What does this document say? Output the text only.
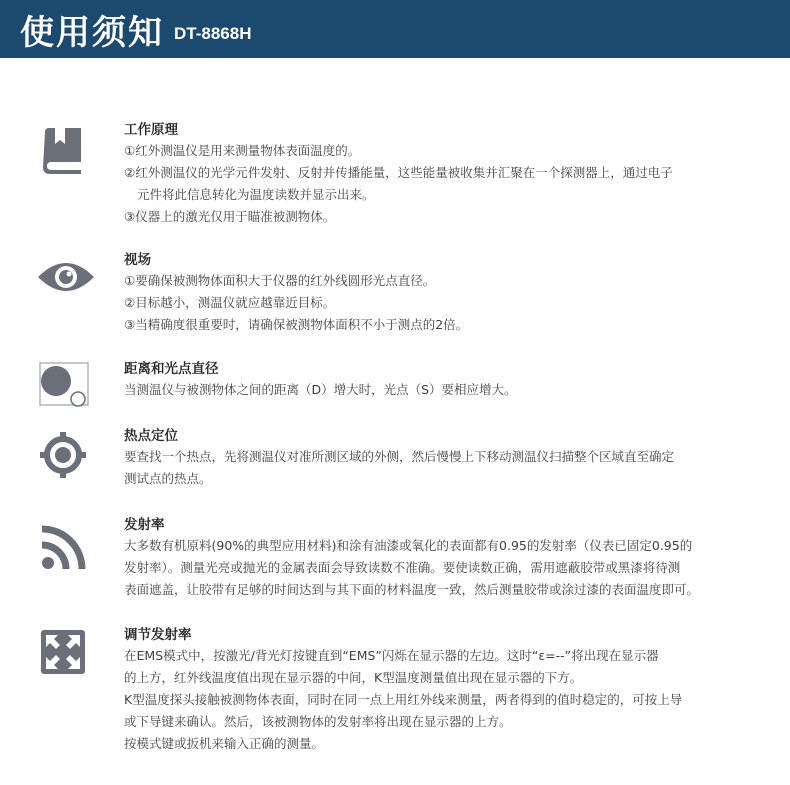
使用须知 DT-8868H
工作原理
①红外测温仪是用来测量物体表面温度的。
②红外测温仪的光学元件发射、反射并传播能量，这些能量被收集并汇聚在一个探测器上，通过电子
元件将此信息转化为温度读数并显示出来。
③仪器上的激光仅用于瞄准被测物体。
视场
①要确保被测物体面积大于仪器的红外线圆形光点直径。
②目标越小，测温仪就应越靠近目标。
③当精确度很重要时，请确保被测物体面积不小于测点的2倍。
距离和光点直径
当测温仪与被测物体之间的距离（D）增大时，光点（S）要相应增大。
热点定位
要查找一个热点，先将测温仪对准所测区域的外侧，然后慢慢上下移动测温仪扫描整个区域直至确定
测试点的热点。
发射率
大多数有机原料(90%的典型应用材料)和涂有油漆或氧化的表面都有0.95的发射率（仪表已固定0.95的
发射率）。测量光亮或抛光的金属表面会导致读数不准确。要使读数正确，需用遮蔽胶带或黑漆将待测
表面遮盖，让胶带有足够的时间达到与其下面的材料温度一致，然后测量胶带或涂过漆的表面温度即可。
调节发射率
在EMS模式中，按激光/背光灯按键直到“EMS”闪烁在显示器的左边。这时“ε=--”将出现在显示器
的上方，红外线温度值出现在显示器的中间，K型温度测量值出现在显示器的下方。
K型温度探头接触被测物体表面，同时在同一点上用红外线来测量，两者得到的值时稳定的，可按上导
或下导键来确认。然后，该被测物体的发射率将出现在显示器的上方。
按模式键或扳机来输入正确的测量。
